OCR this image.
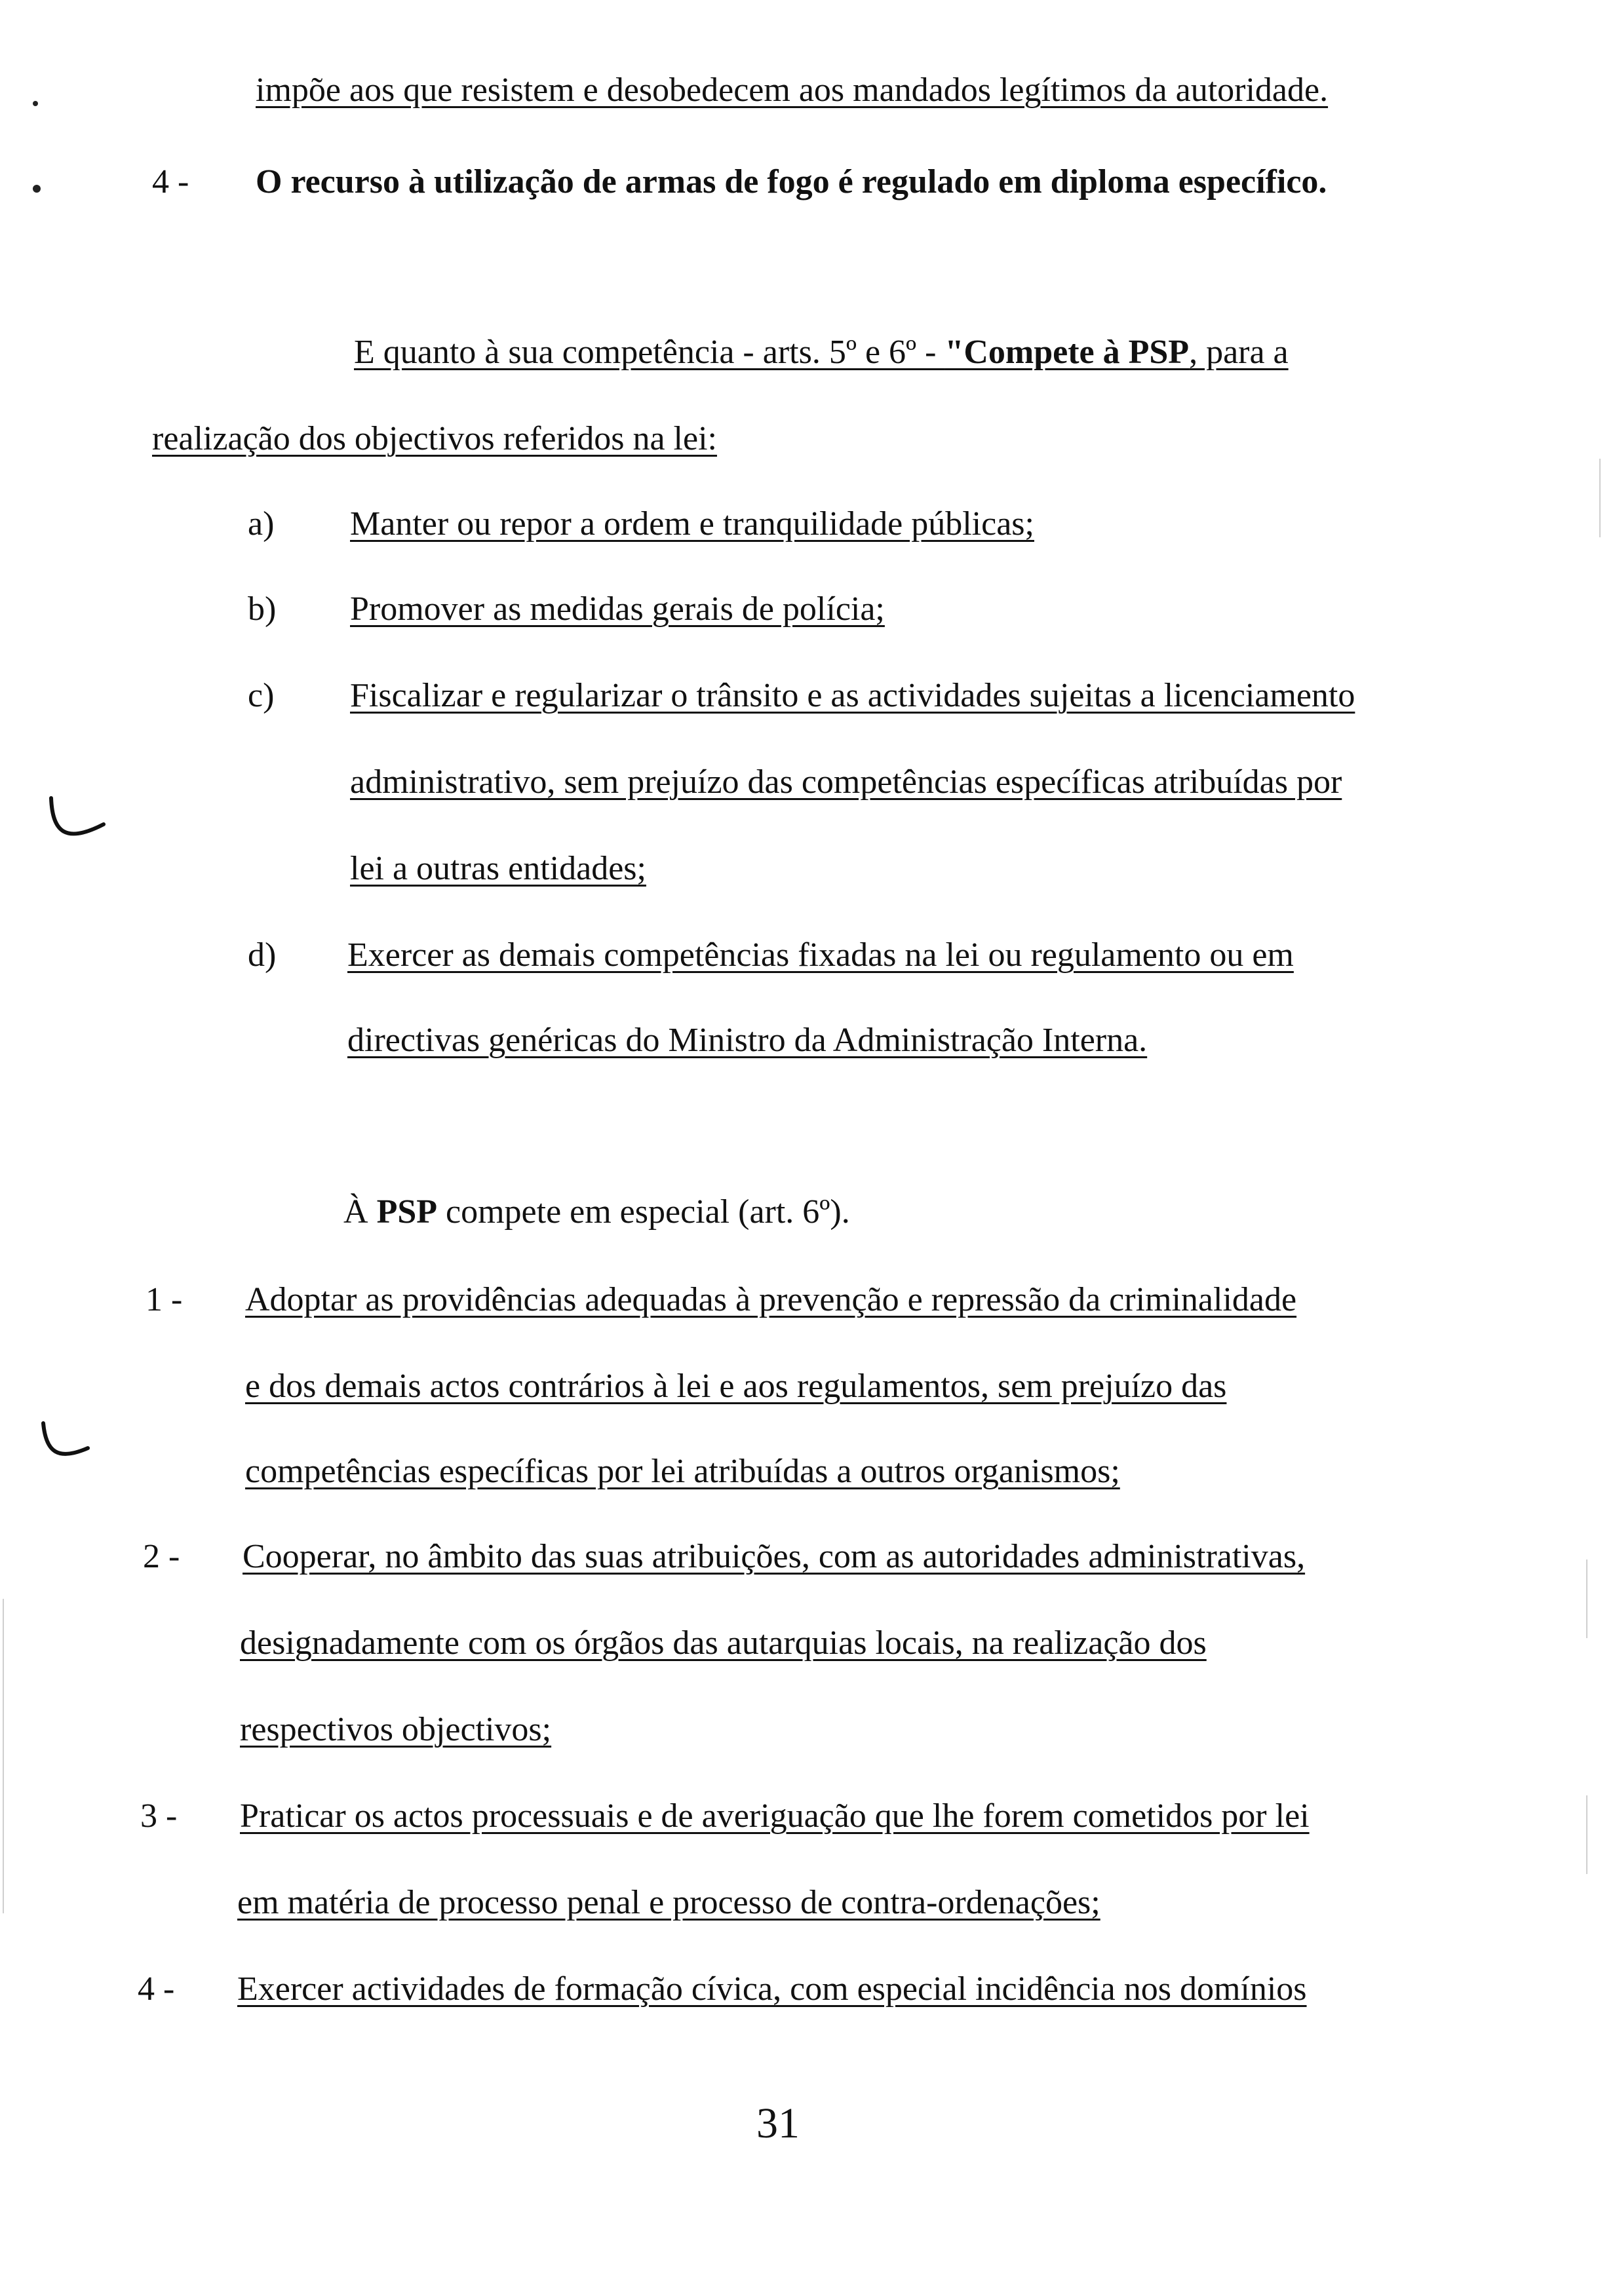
impõe aos que resistem e desobedecem aos mandados legítimos da autoridade.
4 - O recurso à utilização de armas de fogo é regulado em diploma específico.
E quanto à sua competência - arts. 5º e 6º - "Compete à PSP, para a
realização dos objectivos referidos na lei:
a) Manter ou repor a ordem e tranquilidade públicas;
b) Promover as medidas gerais de polícia;
c) Fiscalizar e regularizar o trânsito e as actividades sujeitas a licenciamento
administrativo, sem prejuízo das competências específicas atribuídas por
lei a outras entidades;
d) Exercer as demais competências fixadas na lei ou regulamento ou em
directivas genéricas do Ministro da Administração Interna.
À PSP compete em especial (art. 6º).
1 - Adoptar as providências adequadas à prevenção e repressão da criminalidade
e dos demais actos contrários à lei e aos regulamentos, sem prejuízo das
competências específicas por lei atribuídas a outros organismos;
2 - Cooperar, no âmbito das suas atribuições, com as autoridades administrativas,
designadamente com os órgãos das autarquias locais, na realização dos
respectivos objectivos;
3 - Praticar os actos processuais e de averiguação que lhe forem cometidos por lei
em matéria de processo penal e processo de contra-ordenações;
4 - Exercer actividades de formação cívica, com especial incidência nos domínios
31
